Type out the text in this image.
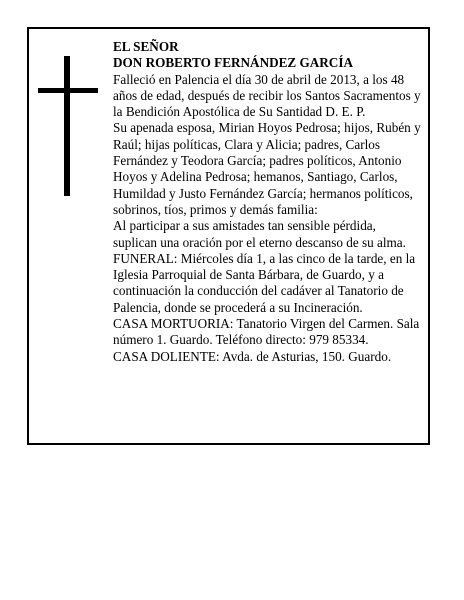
EL SEÑOR

DON ROBERTO FERNÁNDEZ GARCÍA

Falleció en Palencia el día 30 de abril de 2013, a los 48 años de edad, después de recibir los Santos Sacramentos y la Bendición Apostólica de Su Santidad D. E. P.

Su apenada esposa, Mirian Hoyos Pedrosa; hijos, Rubén y Raúl; hijas políticas, Clara y Alicia; padres, Carlos Fernández y Teodora García; padres políticos, Antonio Hoyos y Adelina Pedrosa; hemanos, Santiago, Carlos, Humildad y Justo Fernández García; hermanos políticos, sobrinos, tíos, primos y demás familia:

Al participar a sus amistades tan sensible pérdida, suplican una oración por el eterno descanso de su alma.

FUNERAL: Miércoles día 1, a las cinco de la tarde, en la Iglesia Parroquial de Santa Bárbara, de Guardo, y a continuación la conducción del cadáver al Tanatorio de Palencia, donde se procederá a su Incineración.

CASA MORTUORIA: Tanatorio Virgen del Carmen. Sala número 1. Guardo. Teléfono directo: 979 85334.

CASA DOLIENTE: Avda. de Asturias, 150. Guardo.
